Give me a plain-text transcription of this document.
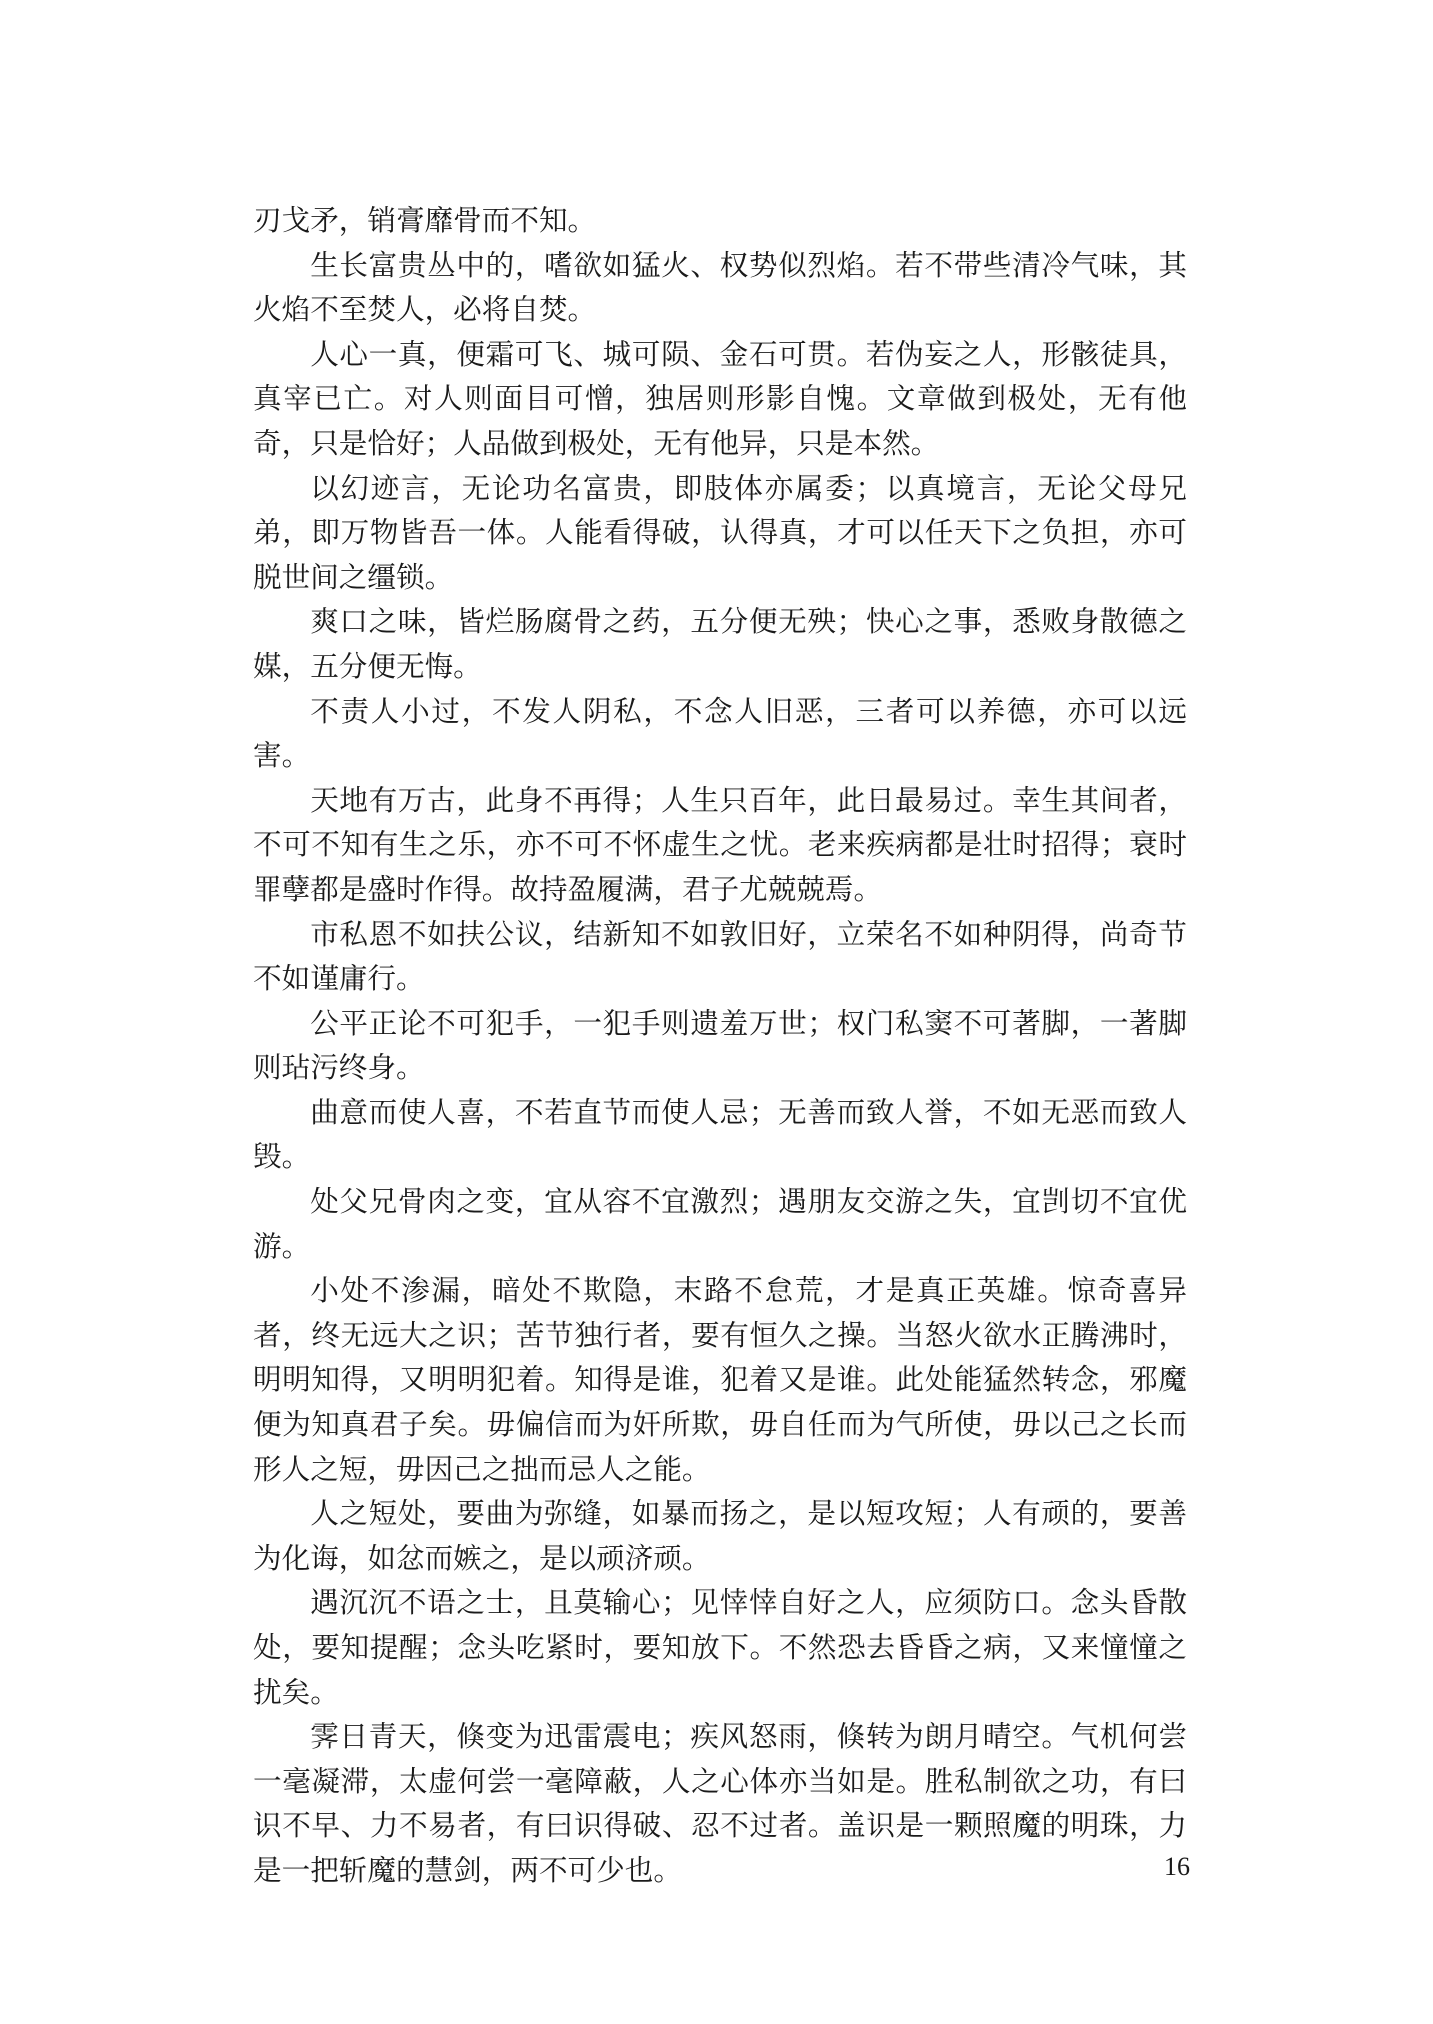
刃戈矛，销膏靡骨而不知。

生长富贵丛中的，嗜欲如猛火、权势似烈焰。若不带些清冷气味，其火焰不至焚人，必将自焚。

人心一真，便霜可飞、城可陨、金石可贯。若伪妄之人，形骸徒具，真宰已亡。对人则面目可憎，独居则形影自愧。文章做到极处，无有他奇，只是恰好；人品做到极处，无有他异，只是本然。

以幻迹言，无论功名富贵，即肢体亦属委；以真境言，无论父母兄弟，即万物皆吾一体。人能看得破，认得真，才可以任天下之负担，亦可脱世间之缰锁。

爽口之味，皆烂肠腐骨之药，五分便无殃；快心之事，悉败身散德之媒，五分便无悔。

不责人小过，不发人阴私，不念人旧恶，三者可以养德，亦可以远害。

天地有万古，此身不再得；人生只百年，此日最易过。幸生其间者，不可不知有生之乐，亦不可不怀虚生之忧。老来疾病都是壮时招得；衰时罪孽都是盛时作得。故持盈履满，君子尤兢兢焉。

市私恩不如扶公议，结新知不如敦旧好，立荣名不如种阴得，尚奇节不如谨庸行。

公平正论不可犯手，一犯手则遗羞万世；权门私窦不可著脚，一著脚则玷污终身。

曲意而使人喜，不若直节而使人忌；无善而致人誉，不如无恶而致人毁。

处父兄骨肉之变，宜从容不宜激烈；遇朋友交游之失，宜剀切不宜优游。

小处不渗漏，暗处不欺隐，末路不怠荒，才是真正英雄。惊奇喜异者，终无远大之识；苦节独行者，要有恒久之操。当怒火欲水正腾沸时，明明知得，又明明犯着。知得是谁，犯着又是谁。此处能猛然转念，邪魔便为知真君子矣。毋偏信而为奸所欺，毋自任而为气所使，毋以己之长而形人之短，毋因己之拙而忌人之能。

人之短处，要曲为弥缝，如暴而扬之，是以短攻短；人有顽的，要善为化诲，如忿而嫉之，是以顽济顽。

遇沉沉不语之士，且莫输心；见悻悻自好之人，应须防口。念头昏散处，要知提醒；念头吃紧时，要知放下。不然恐去昏昏之病，又来憧憧之扰矣。

霁日青天，倏变为迅雷震电；疾风怒雨，倏转为朗月晴空。气机何尝一毫凝滞，太虚何尝一毫障蔽，人之心体亦当如是。胜私制欲之功，有曰识不早、力不易者，有曰识得破、忍不过者。盖识是一颗照魔的明珠，力是一把斩魔的慧剑，两不可少也。	16
